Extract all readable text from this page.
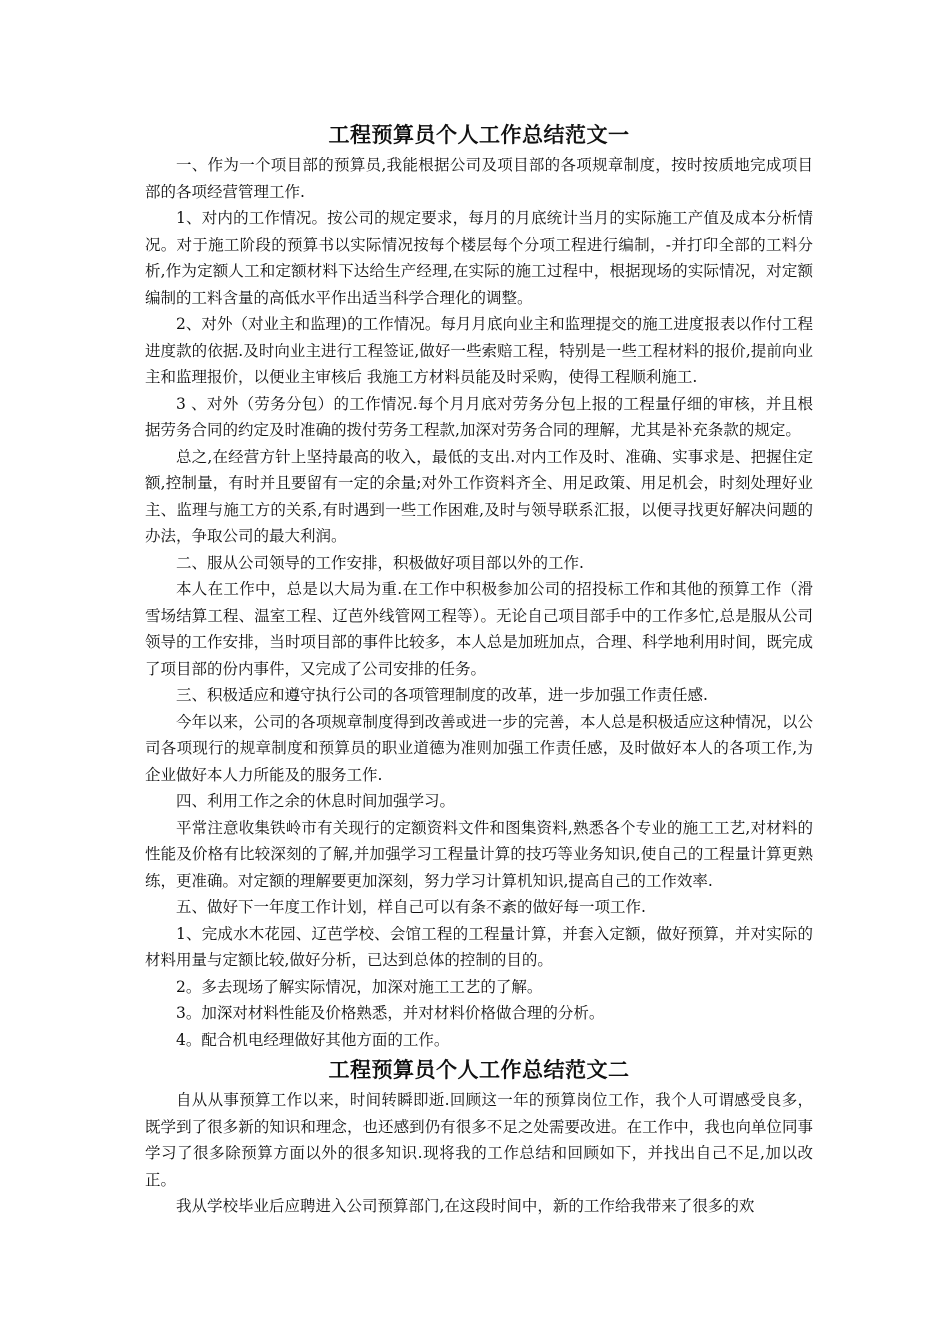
工程预算员个人工作总结范文一

一、作为一个项目部的预算员,我能根据公司及项目部的各项规章制度，按时按质地完成项目部的各项经营管理工作.

1、对内的工作情况。按公司的规定要求，每月的月底统计当月的实际施工产值及成本分析情况。对于施工阶段的预算书以实际情况按每个楼层每个分项工程进行编制，-并打印全部的工料分析,作为定额人工和定额材料下达给生产经理,在实际的施工过程中，根据现场的实际情况，对定额编制的工料含量的高低水平作出适当科学合理化的调整。

2、对外（对业主和监理)的工作情况。每月月底向业主和监理提交的施工进度报表以作付工程进度款的依据.及时向业主进行工程签证,做好一些索赔工程，特别是一些工程材料的报价,提前向业主和监理报价，以便业主审核后 我施工方材料员能及时采购，使得工程顺利施工.

3 、对外（劳务分包）的工作情况.每个月月底对劳务分包上报的工程量仔细的审核，并且根据劳务合同的约定及时准确的拨付劳务工程款,加深对劳务合同的理解，尤其是补充条款的规定。

总之,在经营方针上坚持最高的收入，最低的支出.对内工作及时、准确、实事求是、把握住定额,控制量，有时并且要留有一定的余量;对外工作资料齐全、用足政策、用足机会，时刻处理好业主、监理与施工方的关系,有时遇到一些工作困难,及时与领导联系汇报，以便寻找更好解决问题的办法，争取公司的最大利润。

二、服从公司领导的工作安排，积极做好项目部以外的工作.

本人在工作中，总是以大局为重.在工作中积极参加公司的招投标工作和其他的预算工作（滑雪场结算工程、温室工程、辽芭外线管网工程等）。无论自己项目部手中的工作多忙,总是服从公司领导的工作安排，当时项目部的事件比较多，本人总是加班加点，合理、科学地利用时间，既完成了项目部的份内事件，又完成了公司安排的任务。

三、积极适应和遵守执行公司的各项管理制度的改革，进一步加强工作责任感.

今年以来，公司的各项规章制度得到改善或进一步的完善，本人总是积极适应这种情况，以公司各项现行的规章制度和预算员的职业道德为准则加强工作责任感，及时做好本人的各项工作,为企业做好本人力所能及的服务工作.

四、利用工作之余的休息时间加强学习。

平常注意收集铁岭市有关现行的定额资料文件和图集资料,熟悉各个专业的施工工艺,对材料的性能及价格有比较深刻的了解,并加强学习工程量计算的技巧等业务知识,使自己的工程量计算更熟练，更准确。对定额的理解要更加深刻，努力学习计算机知识,提高自己的工作效率.

五、做好下一年度工作计划，样自己可以有条不紊的做好每一项工作.

1、完成水木花园、辽芭学校、会馆工程的工程量计算，并套入定额，做好预算，并对实际的材料用量与定额比较,做好分析，已达到总体的控制的目的。

2。多去现场了解实际情况，加深对施工工艺的了解。

3。加深对材料性能及价格熟悉，并对材料价格做合理的分析。

4。配合机电经理做好其他方面的工作。

工程预算员个人工作总结范文二

自从从事预算工作以来，时间转瞬即逝.回顾这一年的预算岗位工作，我个人可谓感受良多，既学到了很多新的知识和理念，也还感到仍有很多不足之处需要改进。在工作中，我也向单位同事学习了很多除预算方面以外的很多知识.现将我的工作总结和回顾如下，并找出自己不足,加以改正。

我从学校毕业后应聘进入公司预算部门,在这段时间中，新的工作给我带来了很多的欢
